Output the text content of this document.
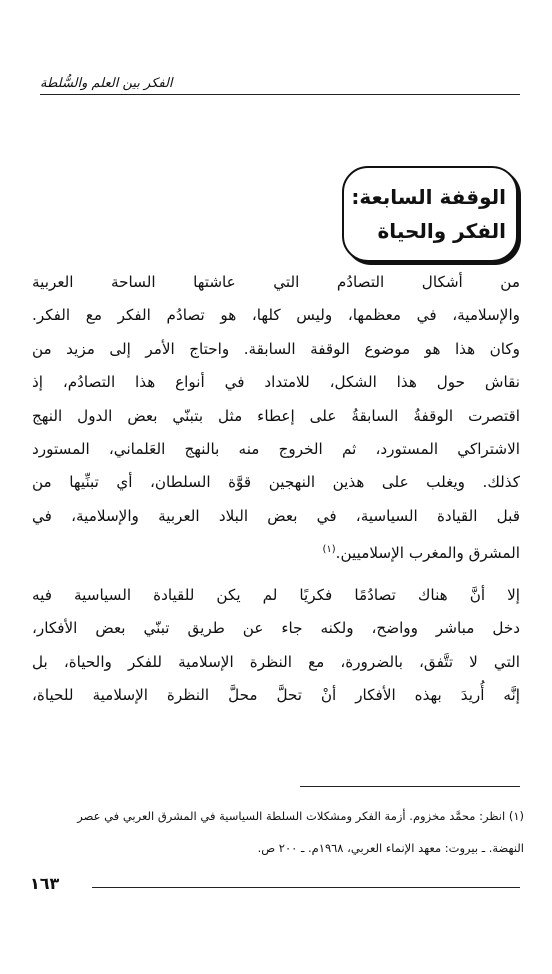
الفكر بين العلم والسُّلطة
الوقفة السابعة:
الفكر والحياة

من أشكال التصادُم التي عاشتها الساحة العربية
والإسلامية، في معظمها، وليس كلها، هو تصادُم الفكر مع الفكر.
وكان هذا هو موضوع الوقفة السابقة. واحتاج الأمر إلى مزيد من
نقاش حول هذا الشكل، للامتداد في أنواع هذا التصادُم، إذ
اقتصرت الوقفةُ السابقةُ على إعطاء مثل بتبنّي بعض الدول النهج
الاشتراكي المستورد، ثم الخروج منه بالنهج العَلماني، المستورد
كذلك. ويغلب على هذين النهجين قوَّة السلطان، أي تبنِّيها من
قبل القيادة السياسية، في بعض البلاد العربية والإسلامية، في
المشرق والمغرب الإسلاميين.$^{(١)}$

إلا أنَّ هناك تصادُمًا فكريًا لم يكن للقيادة السياسية فيه
دخل مباشر وواضح، ولكنه جاء عن طريق تبنّي بعض الأفكار،
التي لا تتَّفق، بالضرورة، مع النظرة الإسلامية للفكر والحياة، بل
إنَّه أُريدَ بهذه الأفكار أنْ تحلَّ محلَّ النظرة الإسلامية للحياة،

(١) انظر: محمَّد مخزوم. أزمة الفكر ومشكلات السلطة السياسية في المشرق العربي في عصر
النهضة. ـ بيروت: معهد الإنماء العربي، ١٩٦٨م. ـ ٢٠٠ ص.
١٦٣
